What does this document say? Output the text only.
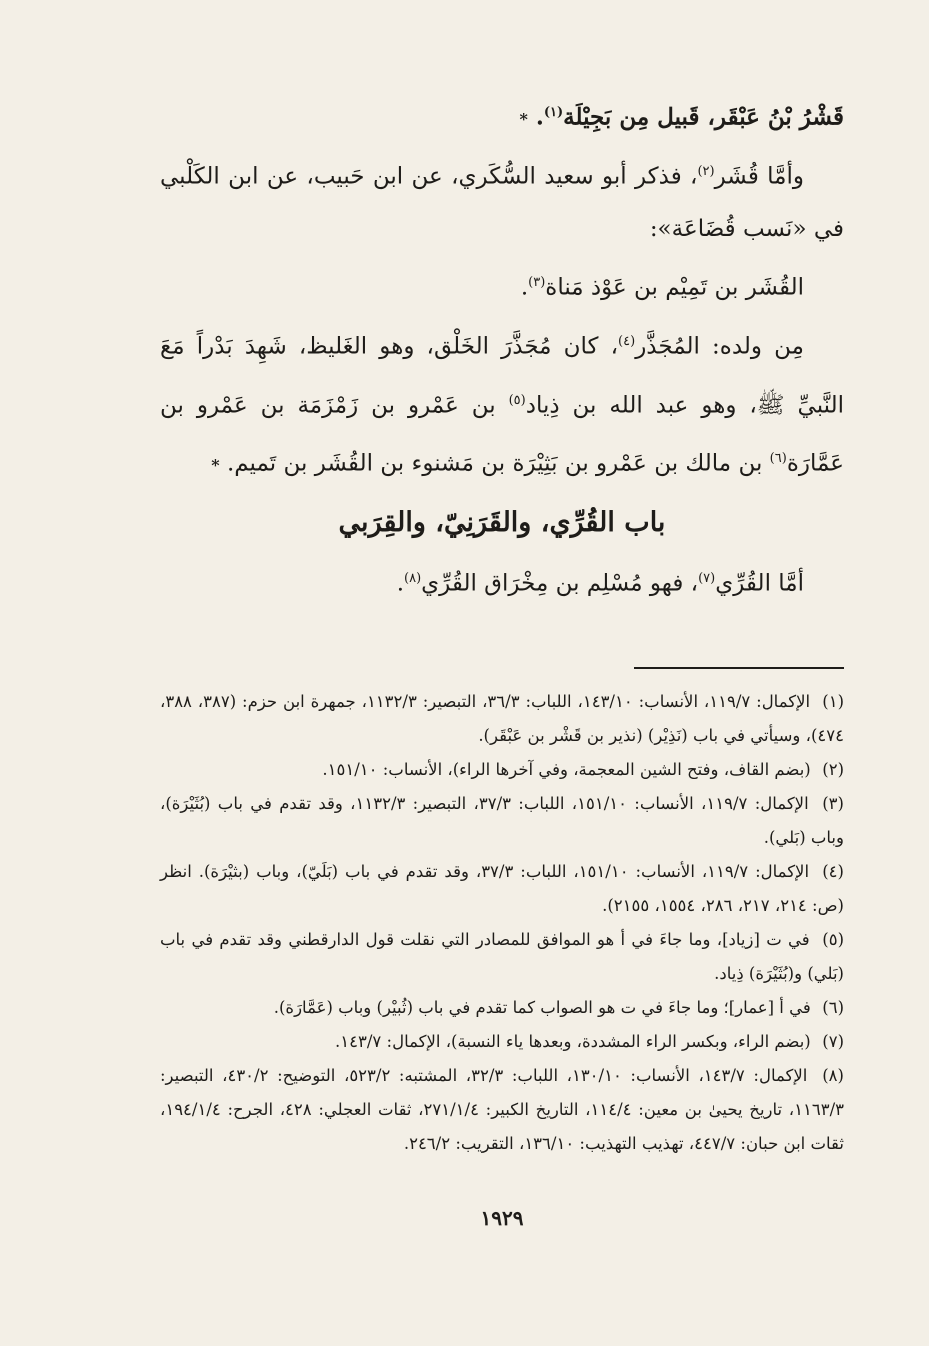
قَشْرُ بْنُ عَبْقَر، قَبيل مِن بَجِيْلَة$^{(١)}$. *
وأمَّا قُشَر$^{(٢)}$، فذكر أبو سعيد السُّكَري، عن ابن حَبيب، عن ابن الكَلْبي في «نَسب قُضَاعَة»:
القُشَر بن تَمِيْم بن عَوْذ مَناة$^{(٣)}$.
مِن ولده: المُجَذَّر$^{(٤)}$، كان مُجَذَّرَ الخَلْق، وهو الغَليظ، شَهِدَ بَدْراً مَعَ النَّبيِّ ﷺ، وهو عبد الله بن ذِياد$^{(٥)}$ بن عَمْرو بن زَمْزَمَة بن عَمْرو بن عَمَّارَة$^{(٦)}$ بن مالك بن عَمْرو بن بَثِيْرَة بن مَشنوء بن القُشَر بن تَميم. *
باب القُرِّي، والقَرَنِيّ، والقِرَبي
أمَّا القُرِّي$^{(٧)}$، فهو مُسْلِم بن مِخْرَاق القُرِّي$^{(٨)}$.

(١) الإكمال: ١١٩/٧، الأنساب: ١٤٣/١٠، اللباب: ٣٦/٣، التبصير: ١١٣٢/٣، جمهرة ابن حزم: (٣٨٧، ٣٨٨، ٤٧٤)، وسيأتي في باب (نَذِيْر) (نذير بن قَشْر بن عَبْقَر).

(٢) (بضم القاف، وفتح الشين المعجمة، وفي آخرها الراء)، الأنساب: ١٥١/١٠.

(٣) الإكمال: ١١٩/٧، الأنساب: ١٥١/١٠، اللباب: ٣٧/٣، التبصير: ١١٣٢/٣، وقد تقدم في باب (بُثَيْرَة)، وباب (بَلي).

(٤) الإكمال: ١١٩/٧، الأنساب: ١٥١/١٠، اللباب: ٣٧/٣، وقد تقدم في باب (بَلَيّ)، وباب (بثيْرَة). انظر (ص: ٢١٤، ٢١٧، ٢٨٦، ١٥٥٤، ٢١٥٥).

(٥) في ت [زياد]، وما جاءَ في أ هو الموافق للمصادر التي نقلت قول الدارقطني وقد تقدم في باب (بَلي) و(بُثَيْرَة) ذِياد.

(٦) في أ [عمار]؛ وما جاءَ في ت هو الصواب كما تقدم في باب (ثُبيْر) وباب (عَمَّارَة).

(٧) (بضم الراء، وبكسر الراء المشددة، وبعدها ياء النسبة)، الإكمال: ١٤٣/٧.

(٨) الإكمال: ١٤٣/٧، الأنساب: ١٣٠/١٠، اللباب: ٣٢/٣، المشتبه: ٥٢٣/٢، التوضيح: ٤٣٠/٢، التبصير: ١١٦٣/٣، تاريخ يحيىٰ بن معين: ١١٤/٤، التاريخ الكبير: ٢٧١/١/٤، ثقات العجلي: ٤٢٨، الجرح: ١٩٤/١/٤، ثقات ابن حبان: ٤٤٧/٧، تهذيب التهذيب: ١٣٦/١٠، التقريب: ٢٤٦/٢.

١٩٢٩
